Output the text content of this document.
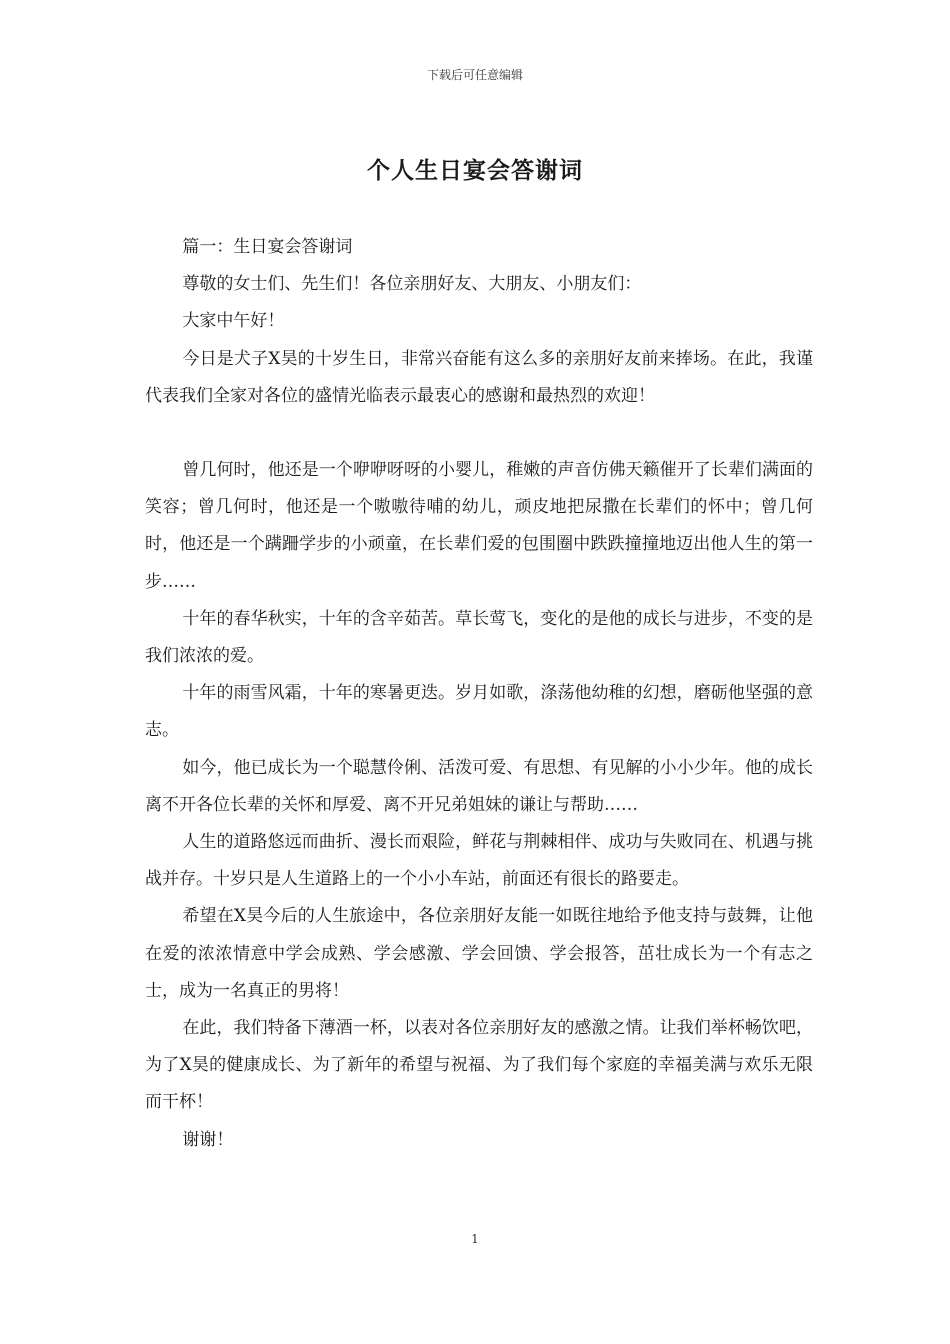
下载后可任意编辑
个人生日宴会答谢词

篇一：生日宴会答谢词

尊敬的女士们、先生们！各位亲朋好友、大朋友、小朋友们：

大家中午好！

今日是犬子X昊的十岁生日，非常兴奋能有这么多的亲朋好友前来捧场。在此，我谨代表我们全家对各位的盛情光临表示最衷心的感谢和最热烈的欢迎！

曾几何时，他还是一个咿咿呀呀的小婴儿，稚嫩的声音仿佛天籁催开了长辈们满面的笑容；曾几何时，他还是一个嗷嗷待哺的幼儿，顽皮地把尿撒在长辈们的怀中；曾几何时，他还是一个蹒跚学步的小顽童，在长辈们爱的包围圈中跌跌撞撞地迈出他人生的第一步……

十年的春华秋实，十年的含辛茹苦。草长莺飞，变化的是他的成长与进步，不变的是我们浓浓的爱。

十年的雨雪风霜，十年的寒暑更迭。岁月如歌，涤荡他幼稚的幻想，磨砺他坚强的意志。

如今，他已成长为一个聪慧伶俐、活泼可爱、有思想、有见解的小小少年。他的成长离不开各位长辈的关怀和厚爱、离不开兄弟姐妹的谦让与帮助……

人生的道路悠远而曲折、漫长而艰险，鲜花与荆棘相伴、成功与失败同在、机遇与挑战并存。十岁只是人生道路上的一个小小车站，前面还有很长的路要走。

希望在X昊今后的人生旅途中，各位亲朋好友能一如既往地给予他支持与鼓舞，让他在爱的浓浓情意中学会成熟、学会感激、学会回馈、学会报答，茁壮成长为一个有志之士，成为一名真正的男将！

在此，我们特备下薄酒一杯，以表对各位亲朋好友的感激之情。让我们举杯畅饮吧，为了X昊的健康成长、为了新年的希望与祝福、为了我们每个家庭的幸福美满与欢乐无限而干杯！

谢谢！

1
